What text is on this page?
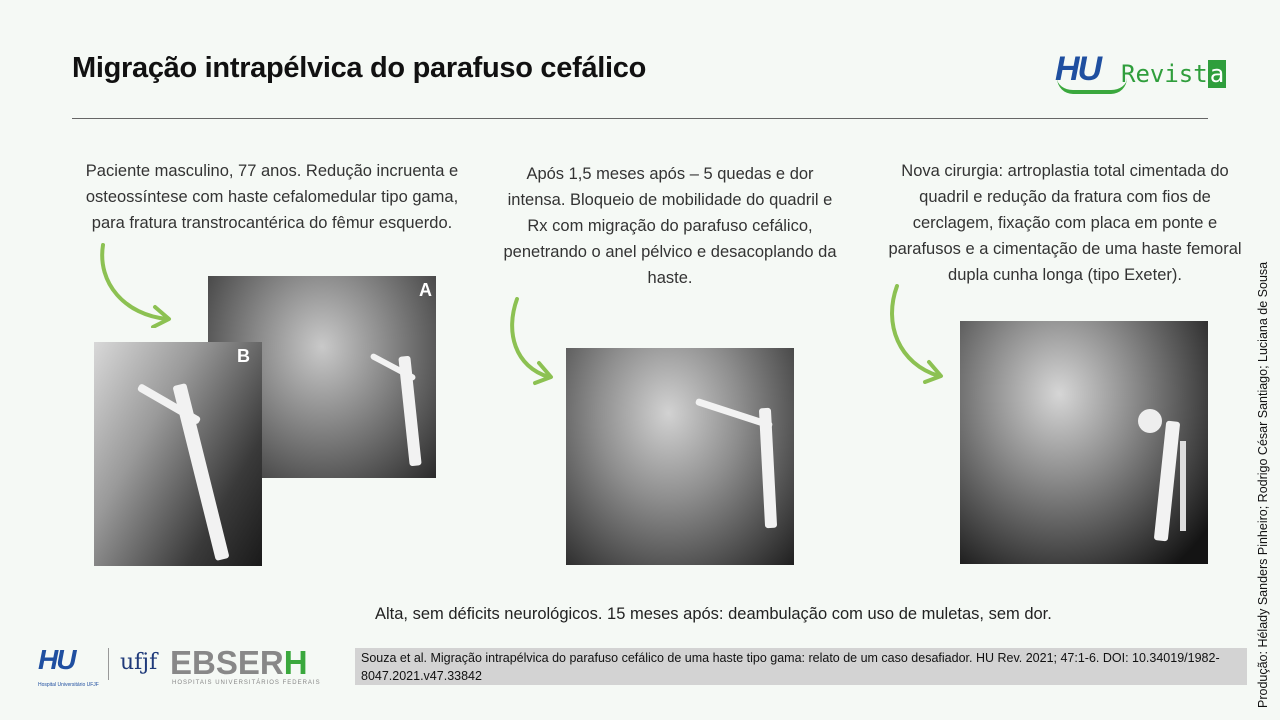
Migração intrapélvica do parafuso cefálico	HU Revista
Paciente masculino, 77 anos. Redução incruenta e osteossíntese com haste cefalomedular tipo gama, para fratura transtrocantérica do fêmur esquerdo.
Após 1,5 meses após – 5 quedas e dor intensa. Bloqueio de mobilidade do quadril e Rx com migração do parafuso cefálico, penetrando o anel pélvico e desacoplando da haste.
Nova cirurgia: artroplastia total cimentada do quadril e redução da fratura com fios de cerclagem, fixação com placa em ponte e parafusos e a cimentação de uma haste femoral dupla cunha longa (tipo Exeter).
A
B
Alta, sem déficits neurológicos. 15 meses após: deambulação com uso de muletas, sem dor.
Souza et al. Migração intrapélvica do parafuso cefálico de uma haste tipo gama: relato de um caso desafiador. HU Rev. 2021; 47:1-6. DOI: 10.34019/1982-8047.2021.v47.33842	Produção: Hélady Sanders Pinheiro; Rodrigo César Santiago; Luciana de Sousa
HU
Hospital Universitário UFJF
ufjf EBSERH
HOSPITAIS UNIVERSITÁRIOS FEDERAIS
